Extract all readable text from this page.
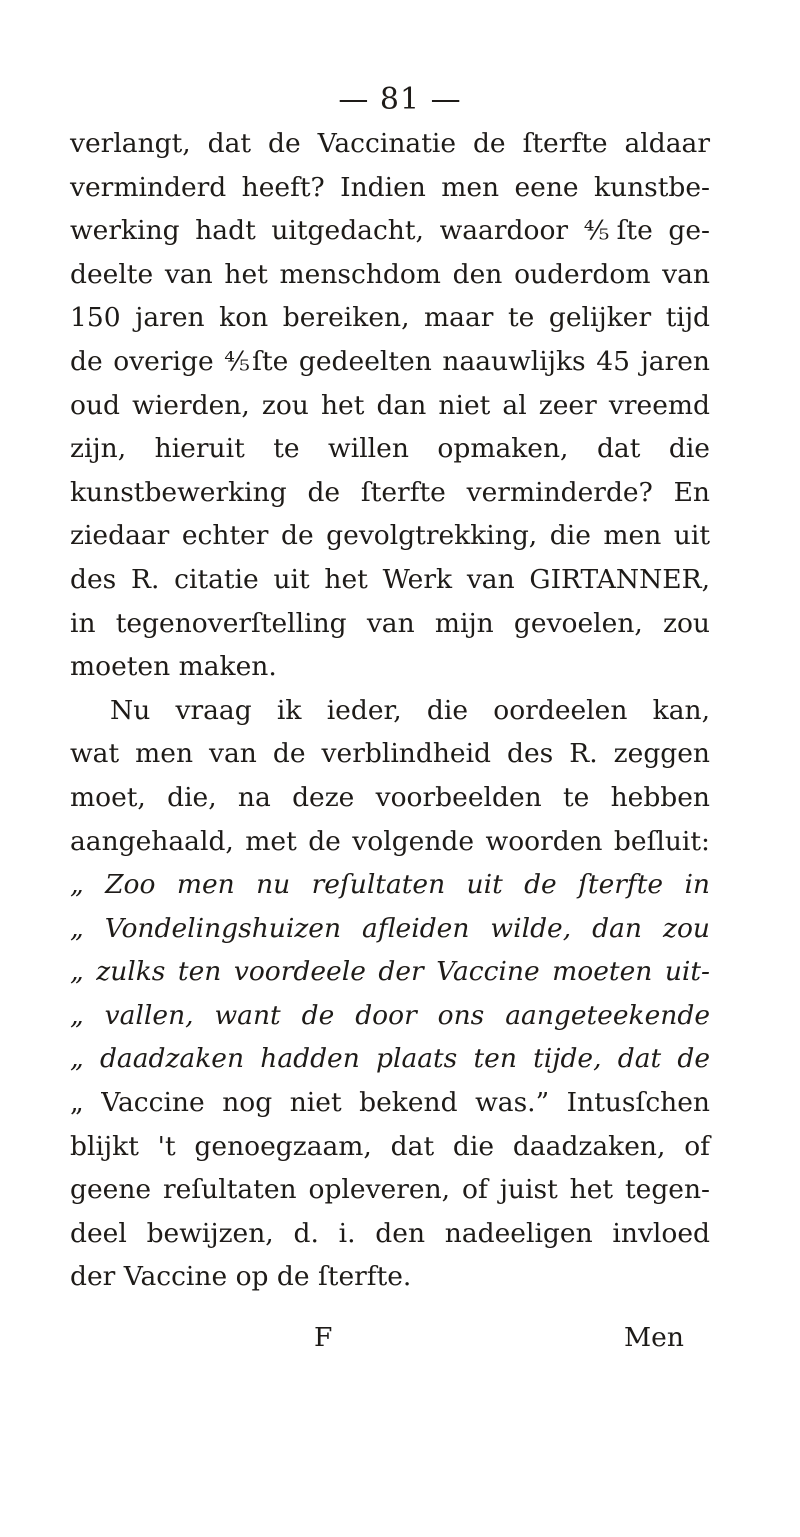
— 81 —
verlangt, dat de Vaccinatie de ſterfte aldaar
verminderd heeft? Indien men eene kunstbe-
werking hadt uitgedacht, waardoor ⅘ſte ge-
deelte van het menschdom den ouderdom van
150 jaren kon bereiken, maar te gelijker tijd
de overige ⅘ſte gedeelten naauwlijks 45 jaren
oud wierden, zou het dan niet al zeer vreemd
zijn, hieruit te willen opmaken, dat die
kunstbewerking de ſterfte verminderde? En
ziedaar echter de gevolgtrekking, die men uit
des R. citatie uit het Werk van GIRTANNER,
in tegenoverſtelling van mijn gevoelen, zou
moeten maken.
Nu vraag ik ieder, die oordeelen kan,
wat men van de verblindheid des R. zeggen
moet, die, na deze voorbeelden te hebben
aangehaald, met de volgende woorden beſluit:
„ Zoo men nu reſultaten uit de ſterfte in
„ Vondelingshuizen afleiden wilde, dan zou
„ zulks ten voordeele der Vaccine moeten uit-
„ vallen, want de door ons aangeteekende
„ daadzaken hadden plaats ten tijde, dat de
„ Vaccine nog niet bekend was.” Intusſchen
blijkt 't genoegzaam, dat die daadzaken, of
geene reſultaten opleveren, of juist het tegen-
deel bewijzen, d. i. den nadeeligen invloed
der Vaccine op de ſterfte.
F	Men
